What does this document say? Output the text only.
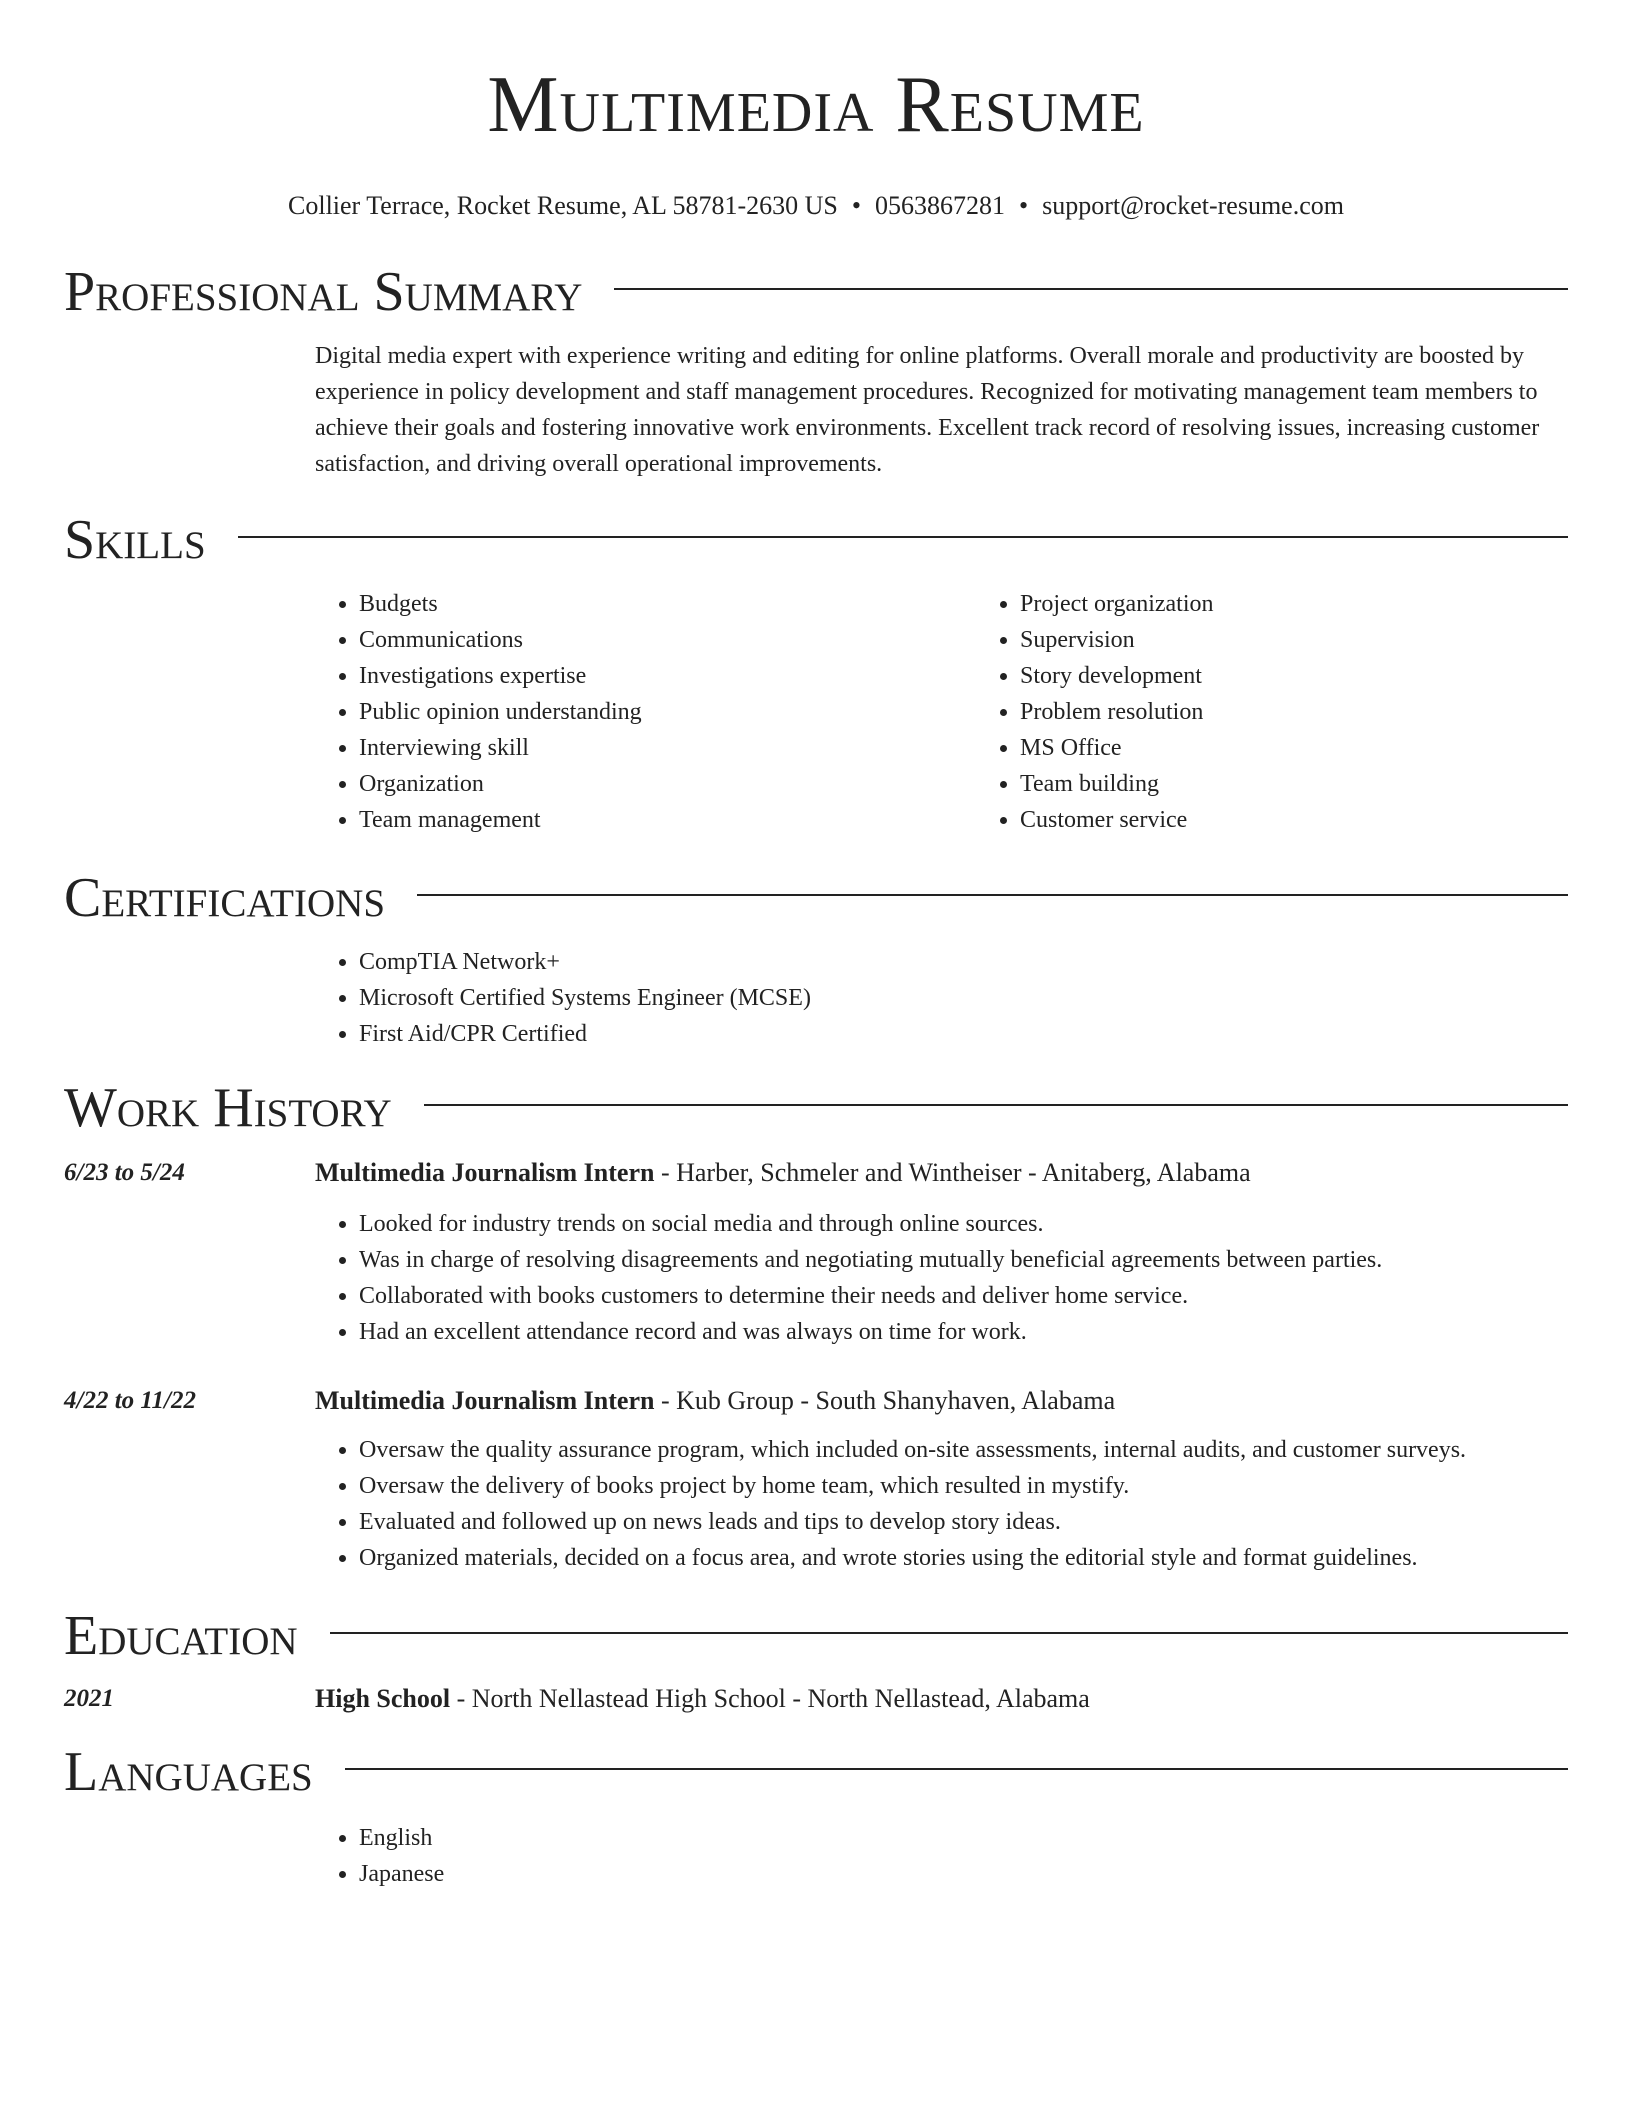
Multimedia Resume
Collier Terrace, Rocket Resume, AL 58781-2630 US • 0563867281 • support@rocket-resume.com
Professional Summary

Digital media expert with experience writing and editing for online platforms. Overall morale and productivity are boosted by experience in policy development and staff management procedures. Recognized for motivating management team members to achieve their goals and fostering innovative work environments. Excellent track record of resolving issues, increasing customer satisfaction, and driving overall operational improvements.

Skills
• Budgets
• Communications
• Investigations expertise
• Public opinion understanding
• Interviewing skill
• Organization
• Team management
• Project organization
• Supervision
• Story development
• Problem resolution
• MS Office
• Team building
• Customer service
Certifications
• CompTIA Network+
• Microsoft Certified Systems Engineer (MCSE)
• First Aid/CPR Certified
Work History
6/23 to 5/24	Multimedia Journalism Intern - Harber, Schmeler and Wintheiser - Anitaberg, Alabama
• Looked for industry trends on social media and through online sources.
• Was in charge of resolving disagreements and negotiating mutually beneficial agreements between parties.
• Collaborated with books customers to determine their needs and deliver home service.
• Had an excellent attendance record and was always on time for work.
4/22 to 11/22	Multimedia Journalism Intern - Kub Group - South Shanyhaven, Alabama
• Oversaw the quality assurance program, which included on-site assessments, internal audits, and customer surveys.
• Oversaw the delivery of books project by home team, which resulted in mystify.
• Evaluated and followed up on news leads and tips to develop story ideas.
• Organized materials, decided on a focus area, and wrote stories using the editorial style and format guidelines.
Education
2021	High School - North Nellastead High School - North Nellastead, Alabama
Languages
• English
• Japanese
